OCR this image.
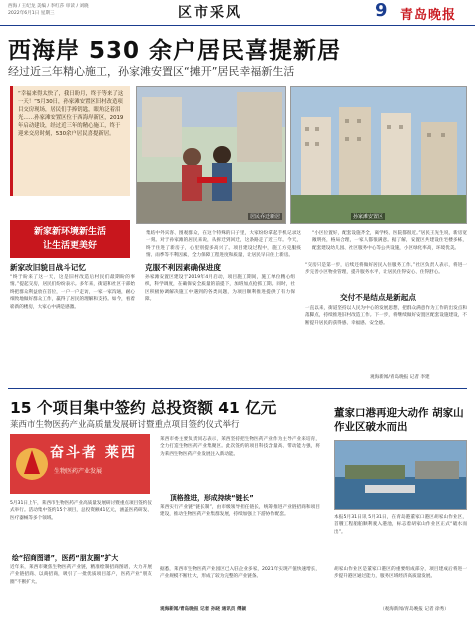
西海 / 王纪龙 美编 / 李红莎 审读 / 刘晓
2022年6月1日 星期三	区市采风	9 青岛晚报
西海岸 530 余户居民喜提新居
经过近三年精心施工，孙家滩安置区“摊开”居民幸福新生活
“幸福来得太快了，我日盼月，终于等来了这一天！”5月30日，孙家滩安置区旧村改造项目交房现场，居民们手捧钥匙，眼角泛着泪光……孙家滩安置区位于西海岸新区，2019年启动建设，经过近三年的精心施工，终于迎来交房时刻，530余户居民喜提新居。
居民乔迁新居	孙家滩安置区
新家新环境新生活
让生活更美好
集结中外宾客、围观群众，在这个特殊的日子里，大家纷纷拿起手机记录这一刻。对于孙家滩的居民来说，从拆迁到回迁，这条路走了近三年。今天，终于住进了新房子，心里别提多高兴了。项目建设过程中，施工方克服疫情、雨季等不利因素，全力保障工程进度和质量，让居民早日住上新房。
“小区位置好，配套设施齐全，离学校、医院都很近。”居民王先生说，新房宽敞明亮，格局合理，一家人都很满意。据了解，安置区共建设住宅楼多栋，配套建设幼儿园、社区服务中心等公共设施，小区绿化率高，环境优美。
新家改旧貌目战斗记忆
“终于盼来了这一天，这是旧村改造后村民们最期盼的事情。”提起交房，居民们纷纷表示。多年来，街道和社区干部始终把群众利益放在首位，一户一户走访，一家一家沟通，耐心细致地做好群众工作，赢得了居民的理解和支持。如今，看着崭新的楼房，大家心中满是感激。
克服不利因素确保进度
孙家滩安置区建设于2019年4月启动，项目施工期间，施工单位精心组织，科学调度，在确保安全质量的前提下，加班加点抢抓工期。同时，社区积极协调解决施工中遇到的各类问题，为项目顺利推进提供了有力保障。
“交房只是第一步，后续还将做好居民入住服务工作。”社区负责人表示，将进一步完善小区物业管理，提升服务水平，让居民住得安心、住得舒心。
交付不是结点是新起点
一直以来，街道坚持以人民为中心的发展思想，把群众满意作为工作的出发点和落脚点，持续推进旧村改造工作。下一步，将继续做好安置区配套设施建设，不断提升居民的获得感、幸福感、安全感。
观海新闻/青岛晚报 记者 李建
15 个项目集中签约 总投资额 41 亿元
莱西市生物医药产业高质量发展研讨暨重点项目签约仪式举行
奋斗者 莱西
生物医药产业发展
5月31日上午，莱西市生物医药产业高质量发展研讨暨重点项目签约仪式举行。活动集中签约15个项目，总投资额41亿元，涵盖医药研发、医疗器械等多个领域。
绘“招商图谱”，医药“朋友圈”扩大
近年来，莱西市聚焦生物医药产业链，精准绘制招商图谱，大力开展产业链招商、以商招商，吸引了一批优质项目落户，医药产业“朋友圈”不断扩大。
莱西市委主要负责同志表示，莱西坚持把生物医药产业作为主导产业来培育，全力打造生物医药产业集聚区。此次签约的项目科技含量高、带动能力强，将为莱西生物医药产业发展注入新动能。
顶格推进，形成持续“链长”
莱西实行产业链“链长制”，由市级领导担任链长，统筹推进产业链招商和项目建设，推动生物医药产业集群发展，持续加强上下游协作配套。
据悉，莱西市生物医药产业园区已入驻企业多家，2021年实现产值快速增长，产业规模不断壮大，形成了较为完整的产业链条。
观海新闻/青岛晚报 记者 孙晓 通讯员 傅颖
董家口港再迎大动作 胡家山作业区破水而出
本报5月31日讯 5月31日，在青岛港董家口港区胡家山作业区，首艘工程船舶顺利驶入港池，标志着胡家山作业区正式“破水而出”。
胡家山作业区是董家口港区的重要组成部分，项目建成后将进一步提升港区通过能力，服务区域经济高质量发展。
（观海新闻/青岛晚报 记者 徐秀）
